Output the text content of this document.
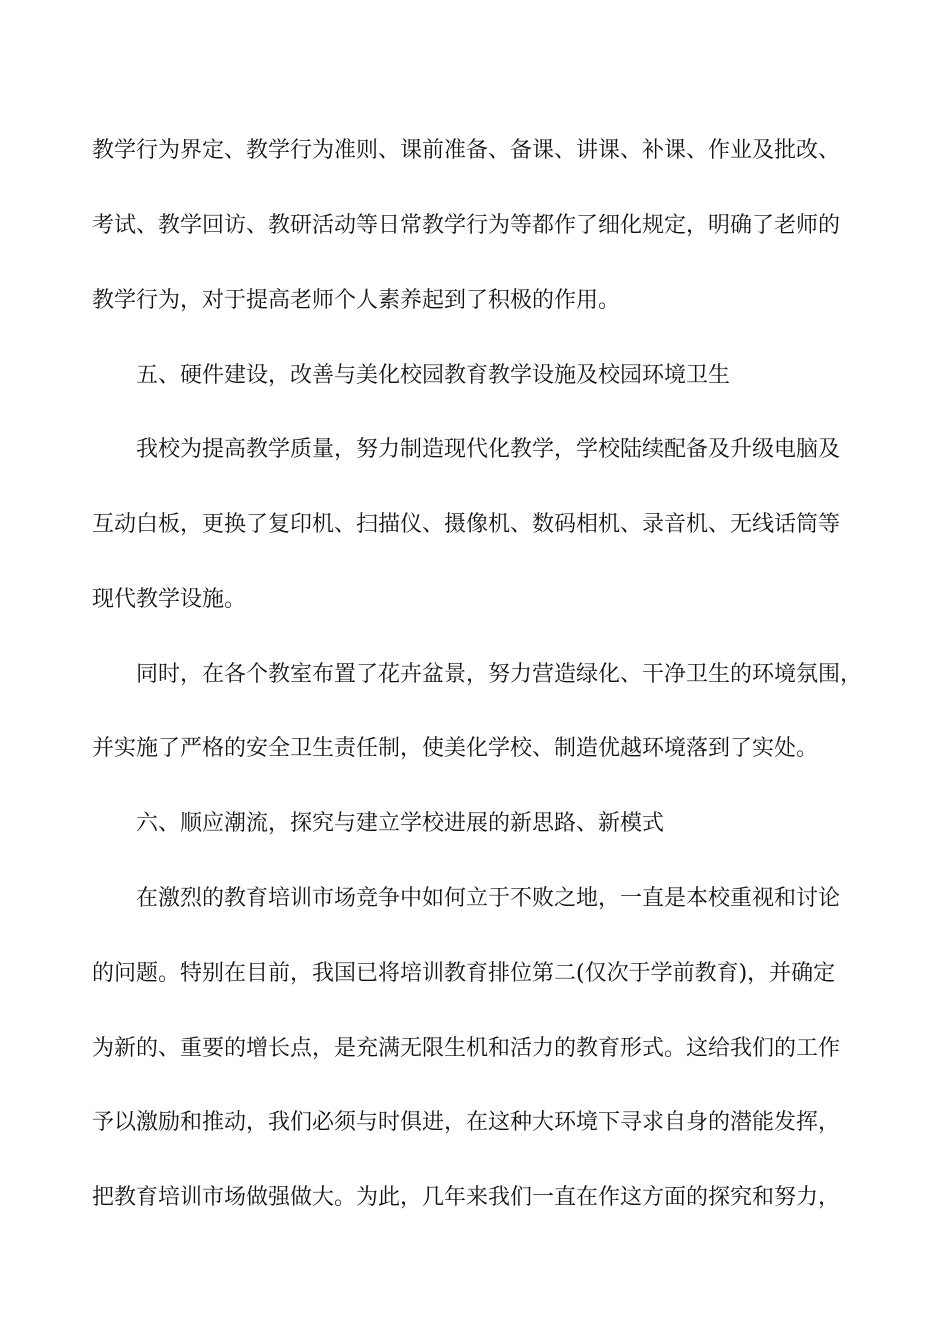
教学行为界定、教学行为准则、课前准备、备课、讲课、补课、作业及批改、

考试、教学回访、教研活动等日常教学行为等都作了细化规定，明确了老师的

教学行为，对于提高老师个人素养起到了积极的作用。

五、硬件建设，改善与美化校园教育教学设施及校园环境卫生

我校为提高教学质量，努力制造现代化教学，学校陆续配备及升级电脑及

互动白板，更换了复印机、扫描仪、摄像机、数码相机、录音机、无线话筒等

现代教学设施。

同时，在各个教室布置了花卉盆景，努力营造绿化、干净卫生的环境氛围，

并实施了严格的安全卫生责任制，使美化学校、制造优越环境落到了实处。

六、顺应潮流，探究与建立学校进展的新思路、新模式

在激烈的教育培训市场竞争中如何立于不败之地，一直是本校重视和讨论

的问题。特别在目前，我国已将培训教育排位第二(仅次于学前教育)，并确定

为新的、重要的增长点，是充满无限生机和活力的教育形式。这给我们的工作

予以激励和推动，我们必须与时俱进，在这种大环境下寻求自身的潜能发挥，

把教育培训市场做强做大。为此，几年来我们一直在作这方面的探究和努力，
